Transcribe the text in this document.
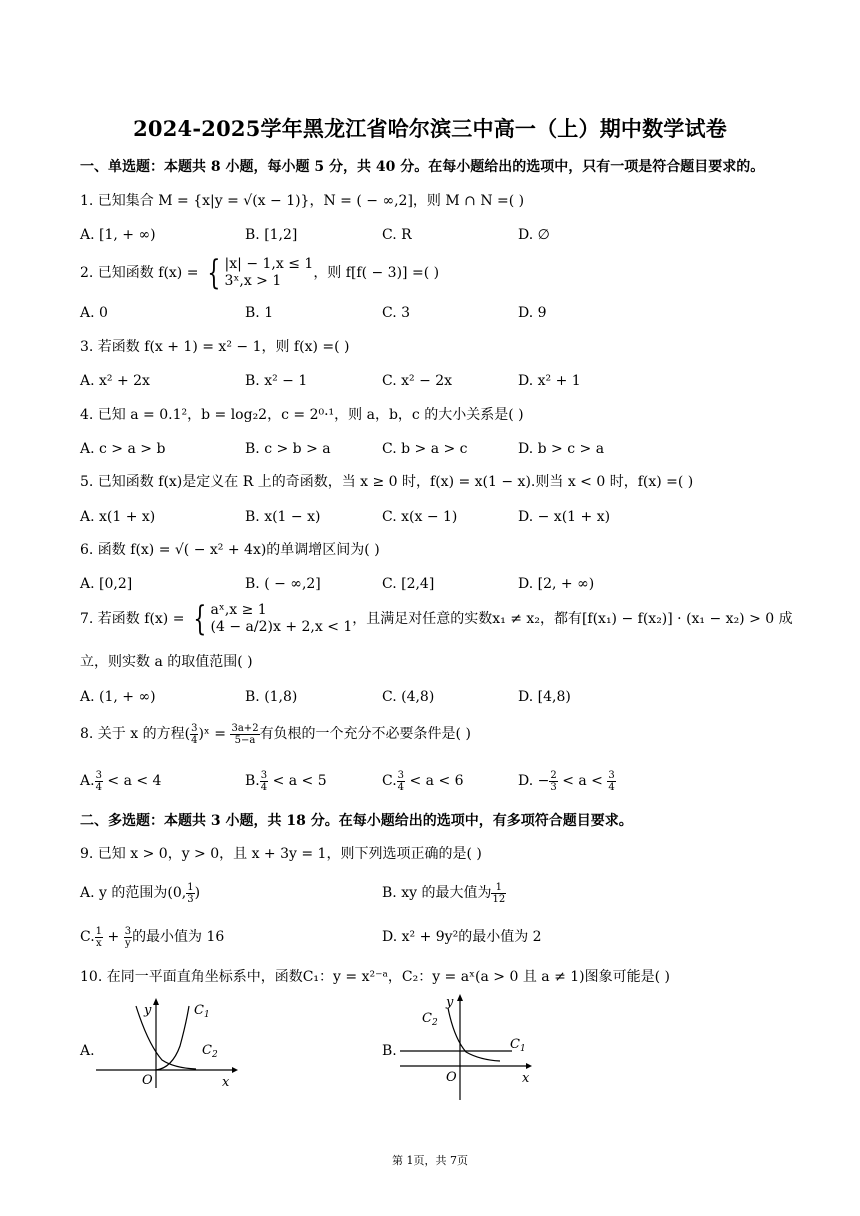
2024-2025学年黑龙江省哈尔滨三中高一（上）期中数学试卷
一、单选题：本题共 8 小题，每小题 5 分，共 40 分。在每小题给出的选项中，只有一项是符合题目要求的。
1. 已知集合 M = {x|y = √(x − 1)}，N = ( − ∞,2]，则 M ∩ N =( )
A. [1, + ∞)	B. [1,2]	C. R	D. ∅
2. 已知函数 f(x) = { |x| − 1,x ≤ 1
3ˣ,x > 1	，则 f[f( − 3)] =( )
A. 0	B. 1	C. 3	D. 9
3. 若函数 f(x + 1) = x² − 1，则 f(x) =( )
A. x² + 2x	B. x² − 1	C. x² − 2x	D. x² + 1
4. 已知 a = 0.1²，b = log₂2，c = 2⁰·¹，则 a，b，c 的大小关系是( )
A. c > a > b	B. c > b > a	C. b > a > c	D. b > c > a
5. 已知函数 f(x)是定义在 R 上的奇函数，当 x ≥ 0 时，f(x) = x(1 − x).则当 x < 0 时，f(x) =( )
A. x(1 + x)	B. x(1 − x)	C. x(x − 1)	D. − x(1 + x)
6. 函数 f(x) = √( − x² + 4x)的单调增区间为( )
A. [0,2]	B. ( − ∞,2]	C. [2,4]	D. [2, + ∞)
7. 若函数 f(x) = { aˣ,x ≥ 1
(4 − a/2)x + 2,x < 1 ，且满足对任意的实数x₁ ≠ x₂，都有[f(x₁) − f(x₂)] · (x₁ − x₂) > 0 成
立，则实数 a 的取值范围( )
A. (1, + ∞)	B. (1,8)	C. (4,8)	D. [4,8)
8. 关于 x 的方程( $\frac{3}{4}$ )ˣ = $\frac{3a+2}{5-a}$ 有负根的一个充分不必要条件是( )
A. $\frac{3}{4} < a < 4$	B. $\frac{3}{4} < a < 5$	C. $\frac{3}{4} < a < 6$	D. − $\frac{2}{3} < a < \frac{3}{4}$
二、多选题：本题共 3 小题，共 18 分。在每小题给出的选项中，有多项符合题目要求。
9. 已知 x > 0，y > 0，且 x + 3y = 1，则下列选项正确的是( )
A. y 的范围为(0, $\frac{1}{3}$ )	B. xy 的最大值为 $\frac{1}{12}$
C. $\frac{1}{x} + \frac{3}{y}$ 的最小值为 16	D. x² + 9y²的最小值为 2
10. 在同一平面直角坐标系中，函数C₁：y = x²⁻ᵃ，C₂：y = aˣ(a > 0 且 a ≠ 1)图象可能是( )
A.
y
x
O
$C_1$
$C_2$	B.
y
x
O
$C_1$
$C_2$
第 1页，共 7页
